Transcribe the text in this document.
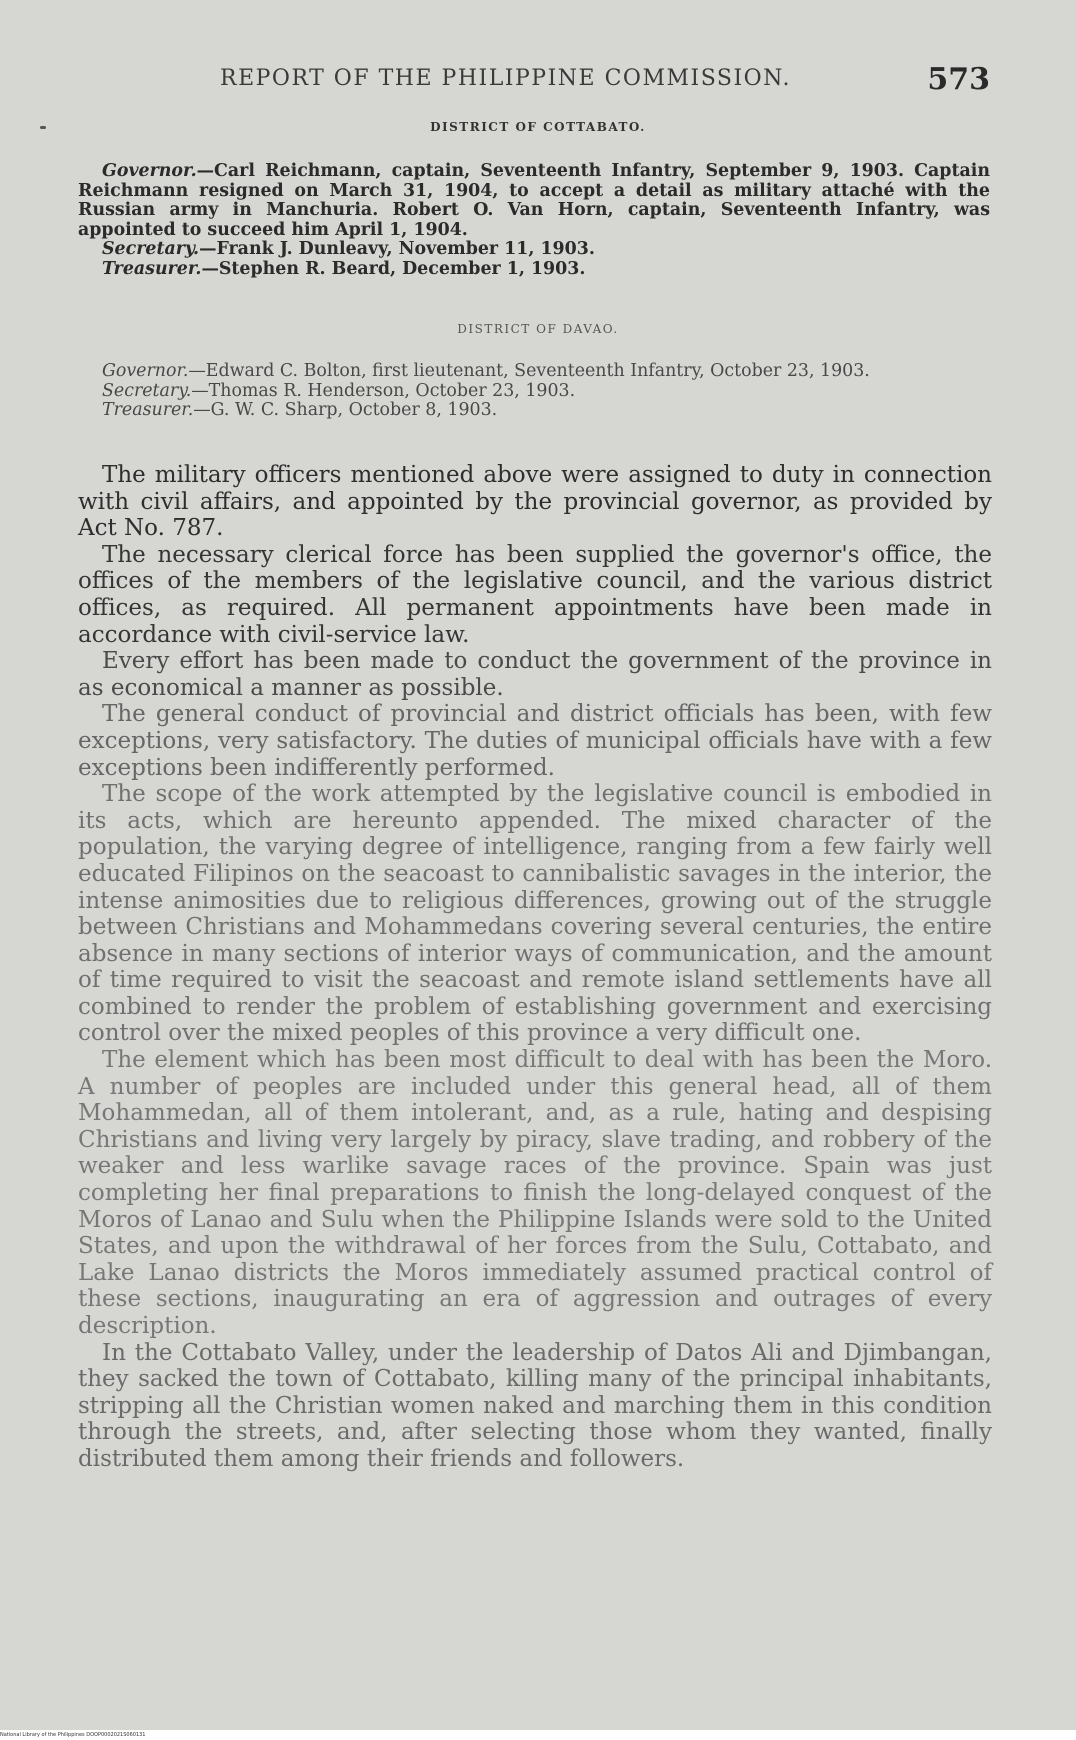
REPORT OF THE PHILIPPINE COMMISSION.	573
DISTRICT OF COTTABATO.

Governor.—Carl Reichmann, captain, Seventeenth Infantry, September 9, 1903. Captain Reichmann resigned on March 31, 1904, to accept a detail as military attaché with the Russian army in Manchuria. Robert O. Van Horn, captain, Seventeenth Infantry, was appointed to succeed him April 1, 1904.

Secretary.—Frank J. Dunleavy, November 11, 1903.

Treasurer.—Stephen R. Beard, December 1, 1903.

DISTRICT OF DAVAO.

Governor.—Edward C. Bolton, first lieutenant, Seventeenth Infantry, October 23, 1903.

Secretary.—Thomas R. Henderson, October 23, 1903.

Treasurer.—G. W. C. Sharp, October 8, 1903.

The military officers mentioned above were assigned to duty in connection with civil affairs, and appointed by the provincial governor, as provided by Act No. 787.

The necessary clerical force has been supplied the governor's office, the offices of the members of the legislative council, and the various district offices, as required. All permanent appointments have been made in accordance with civil-service law.

Every effort has been made to conduct the government of the province in as economical a manner as possible.

The general conduct of provincial and district officials has been, with few exceptions, very satisfactory. The duties of municipal officials have with a few exceptions been indifferently performed.

The scope of the work attempted by the legislative council is embodied in its acts, which are hereunto appended. The mixed character of the population, the varying degree of intelligence, ranging from a few fairly well educated Filipinos on the seacoast to cannibalistic savages in the interior, the intense animosities due to religious differences, growing out of the struggle between Christians and Mohammedans covering several centuries, the entire absence in many sections of interior ways of communication, and the amount of time required to visit the seacoast and remote island settlements have all combined to render the problem of establishing government and exercising control over the mixed peoples of this province a very difficult one.

The element which has been most difficult to deal with has been the Moro. A number of peoples are included under this general head, all of them Mohammedan, all of them intolerant, and, as a rule, hating and despising Christians and living very largely by piracy, slave trading, and robbery of the weaker and less warlike savage races of the province. Spain was just completing her final preparations to finish the long-delayed conquest of the Moros of Lanao and Sulu when the Philippine Islands were sold to the United States, and upon the withdrawal of her forces from the Sulu, Cottabato, and Lake Lanao districts the Moros immediately assumed practical control of these sections, inaugurating an era of aggression and outrages of every description.

In the Cottabato Valley, under the leadership of Datos Ali and Djimbangan, they sacked the town of Cottabato, killing many of the principal inhabitants, stripping all the Christian women naked and marching them in this condition through the streets, and, after selecting those whom they wanted, finally distributed them among their friends and followers.

National Library of the Philippines DOOP0002021S060131
